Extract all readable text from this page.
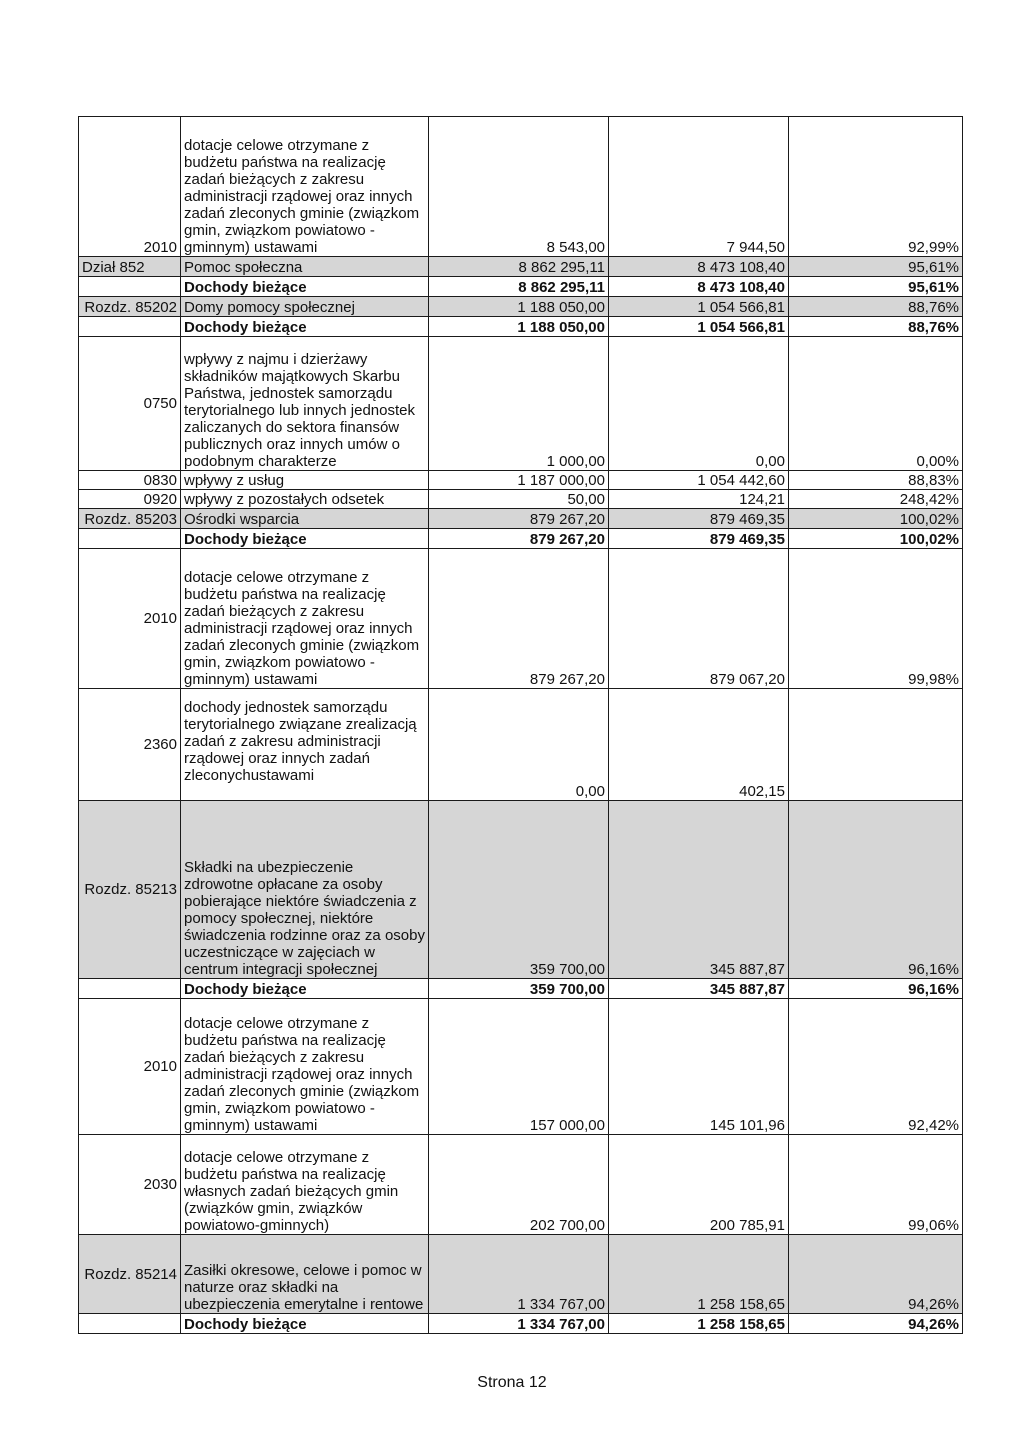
2010	dotacje celowe otrzymane z budżetu państwa na realizację zadań bieżących z zakresu administracji rządowej oraz innych zadań zleconych gminie (związkom gmin, związkom powiatowo - gminnym) ustawami	8 543,00	7 944,50	92,99%
Dział 852	Pomoc społeczna	8 862 295,11	8 473 108,40	95,61%
	Dochody bieżące	8 862 295,11	8 473 108,40	95,61%
Rozdz. 85202	Domy pomocy społecznej	1 188 050,00	1 054 566,81	88,76%
	Dochody bieżące	1 188 050,00	1 054 566,81	88,76%
0750	wpływy z najmu i dzierżawy składników majątkowych Skarbu Państwa, jednostek samorządu terytorialnego lub innych jednostek zaliczanych do sektora finansów publicznych oraz innych umów o podobnym charakterze	1 000,00	0,00	0,00%
0830	wpływy z usług	1 187 000,00	1 054 442,60	88,83%
0920	wpływy z pozostałych odsetek	50,00	124,21	248,42%
Rozdz. 85203	Ośrodki wsparcia	879 267,20	879 469,35	100,02%
	Dochody bieżące	879 267,20	879 469,35	100,02%
2010	dotacje celowe otrzymane z budżetu państwa na realizację zadań bieżących z zakresu administracji rządowej oraz innych zadań zleconych gminie (związkom gmin, związkom powiatowo - gminnym) ustawami	879 267,20	879 067,20	99,98%
2360	dochody jednostek samorządu terytorialnego związane zrealizacją zadań z zakresu administracji rządowej oraz innych zadań zleconychustawami	0,00	402,15	
Rozdz. 85213	Składki na ubezpieczenie zdrowotne opłacane za osoby pobierające niektóre świadczenia z pomocy społecznej, niektóre świadczenia rodzinne oraz za osoby uczestniczące w zajęciach w centrum integracji społecznej	359 700,00	345 887,87	96,16%
	Dochody bieżące	359 700,00	345 887,87	96,16%
2010	dotacje celowe otrzymane z budżetu państwa na realizację zadań bieżących z zakresu administracji rządowej oraz innych zadań zleconych gminie (związkom gmin, związkom powiatowo - gminnym) ustawami	157 000,00	145 101,96	92,42%
2030	dotacje celowe otrzymane z budżetu państwa na realizację własnych zadań bieżących gmin (związków gmin, związków powiatowo-gminnych)	202 700,00	200 785,91	99,06%
Rozdz. 85214	Zasiłki okresowe, celowe i pomoc w naturze oraz składki na ubezpieczenia emerytalne i rentowe	1 334 767,00	1 258 158,65	94,26%
	Dochody bieżące	1 334 767,00	1 258 158,65	94,26%
Strona 12
